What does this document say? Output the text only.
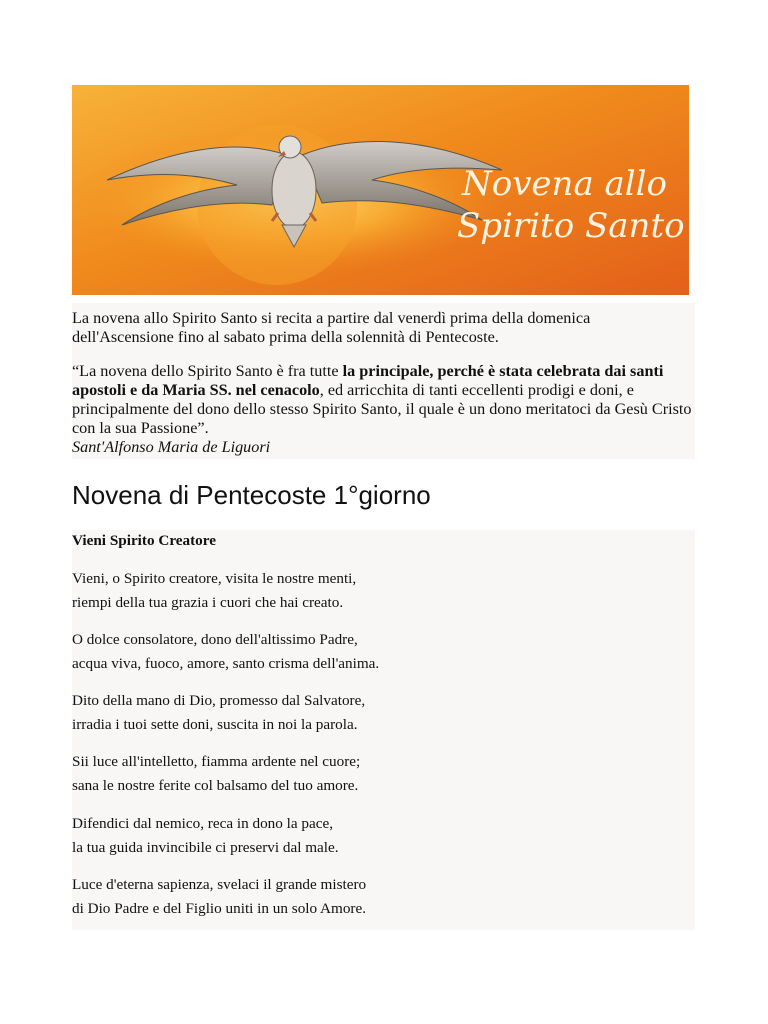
Novena allo
Spirito Santo

La novena allo Spirito Santo si recita a partire dal venerdì prima della domenica dell'Ascensione fino al sabato prima della solennità di Pentecoste.

“La novena dello Spirito Santo è fra tutte la principale, perché è stata celebrata dai santi apostoli e da Maria SS. nel cenacolo, ed arricchita di tanti eccellenti prodigi e doni, e principalmente del dono dello stesso Spirito Santo, il quale è un dono meritatoci da Gesù Cristo con la sua Passione”.
Sant'Alfonso Maria de Liguori

Novena di Pentecoste 1°giorno

Vieni Spirito Creatore

Vieni, o Spirito creatore, visita le nostre menti,
riempi della tua grazia i cuori che hai creato.

O dolce consolatore, dono dell'altissimo Padre,
acqua viva, fuoco, amore, santo crisma dell'anima.

Dito della mano di Dio, promesso dal Salvatore,
irradia i tuoi sette doni, suscita in noi la parola.

Sii luce all'intelletto, fiamma ardente nel cuore;
sana le nostre ferite col balsamo del tuo amore.

Difendici dal nemico, reca in dono la pace,
la tua guida invincibile ci preservi dal male.

Luce d'eterna sapienza, svelaci il grande mistero
di Dio Padre e del Figlio uniti in un solo Amore.
